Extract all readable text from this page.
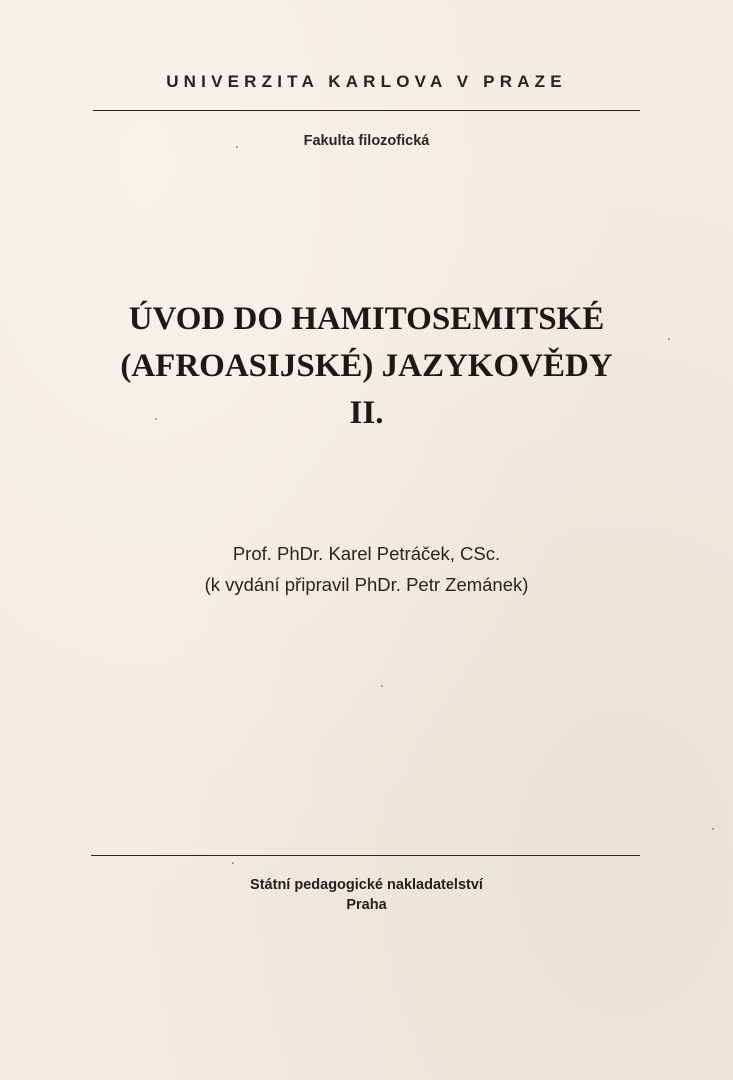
UNIVERZITA KARLOVA V PRAZE
Fakulta filozofická
ÚVOD DO HAMITOSEMITSKÉ
(AFROASIJSKÉ) JAZYKOVĚDY
II.
Prof. PhDr. Karel Petráček, CSc.
(k vydání připravil PhDr. Petr Zemánek)
Státní pedagogické nakladatelství
Praha
